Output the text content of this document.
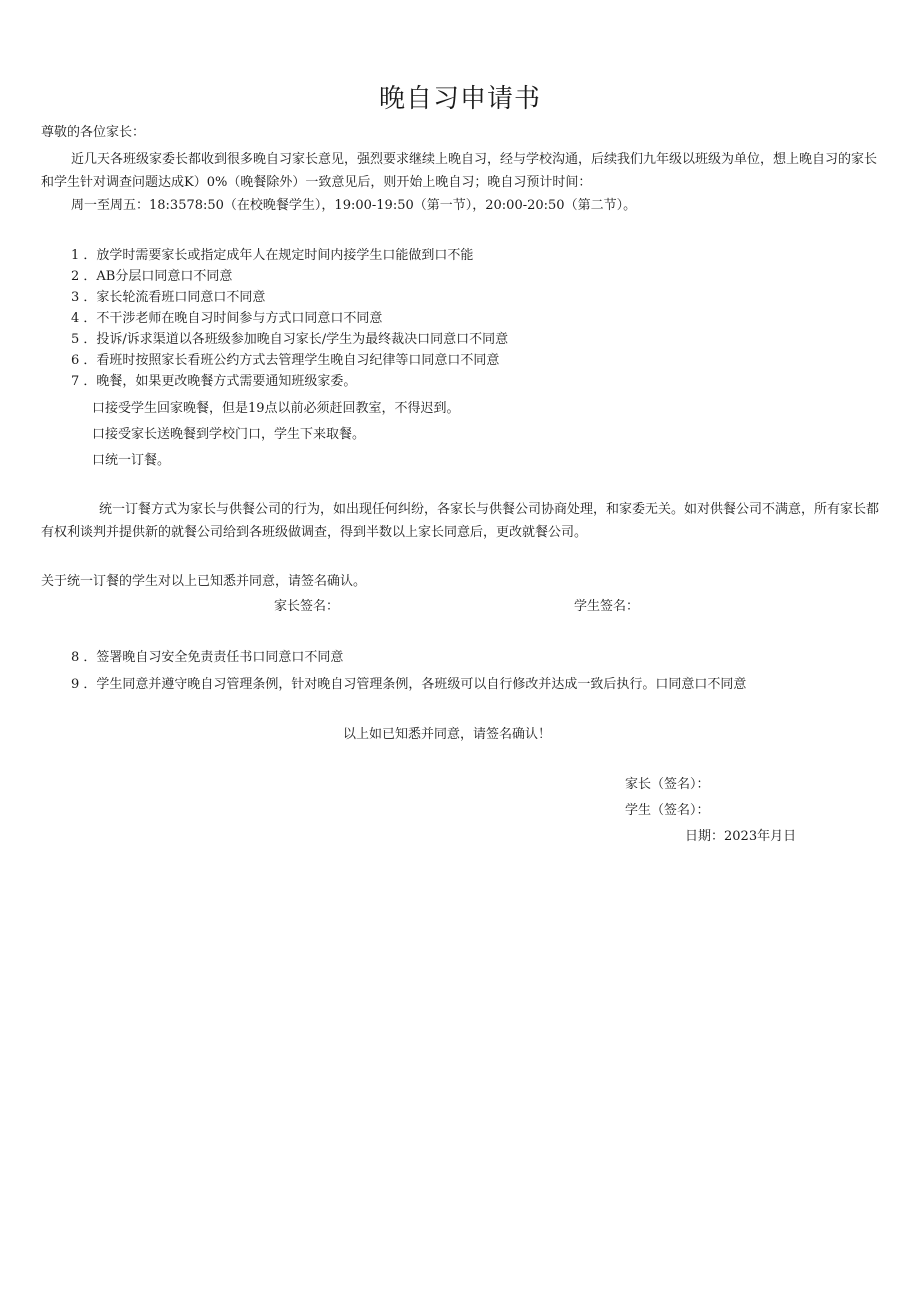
晚自习申请书
尊敬的各位家长：
近几天各班级家委长都收到很多晚自习家长意见，强烈要求继续上晚自习，经与学校沟通，后续我们九年级以班级为单位，想上晚自习的家长和学生针对调查问题达成K）0%（晚餐除外）一致意见后，则开始上晚自习；晚自习预计时间：
周一至周五：18:3578:50（在校晚餐学生），19:00-19:50（第一节），20:00-20:50（第二节）。
1 ．放学时需要家长或指定成年人在规定时间内接学生口能做到口不能
2 ．AB分层口同意口不同意
3 ．家长轮流看班口同意口不同意
4 ．不干涉老师在晚自习时间参与方式口同意口不同意
5 ．投诉/诉求渠道以各班级参加晚自习家长/学生为最终裁决口同意口不同意
6 ．看班时按照家长看班公约方式去管理学生晚自习纪律等口同意口不同意
7 ．晚餐，如果更改晚餐方式需要通知班级家委。
口接受学生回家晚餐，但是19点以前必须赶回教室，不得迟到。
口接受家长送晚餐到学校门口，学生下来取餐。
口统一订餐。
统一订餐方式为家长与供餐公司的行为，如出现任何纠纷，各家长与供餐公司协商处理，和家委无关。如对供餐公司不满意，所有家长都有权利谈判并提供新的就餐公司给到各班级做调查，得到半数以上家长同意后，更改就餐公司。
关于统一订餐的学生对以上已知悉并同意，请签名确认。
家长签名：	学生签名：
8 ．签署晚自习安全免责责任书口同意口不同意
9 ．学生同意并遵守晚自习管理条例，针对晚自习管理条例，各班级可以自行修改并达成一致后执行。口同意口不同意
以上如已知悉并同意，请签名确认！
家长（签名）：
学生（签名）：
日期：2023年月日
